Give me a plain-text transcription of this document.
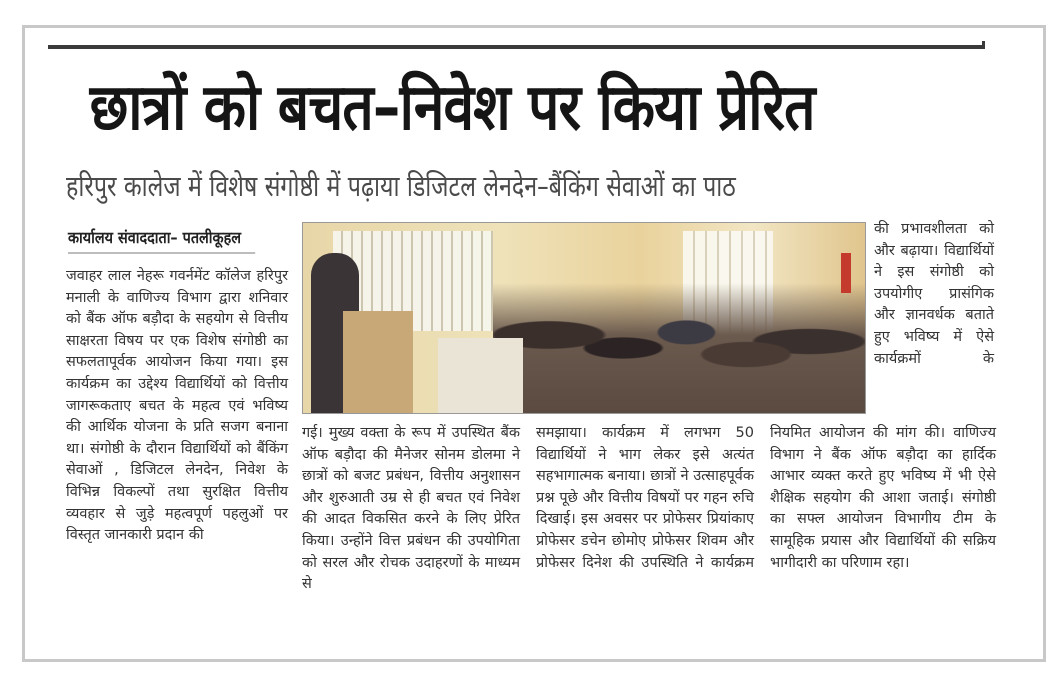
छात्रों को बचत–निवेश पर किया प्रेरित
हरिपुर कालेज में विशेष संगोष्ठी में पढ़ाया डिजिटल लेनदेन–बैंकिंग सेवाओं का पाठ
कार्यालय संवाददाता– पतलीकूहल

जवाहर लाल नेहरू गवर्नमेंट कॉलेज हरिपुर मनाली के वाणिज्य विभाग द्वारा शनिवार को बैंक ऑफ बड़ौदा के सहयोग से वित्तीय साक्षरता विषय पर एक विशेष संगोष्ठी का सफलतापूर्वक आयोजन किया गया। इस कार्यक्रम का उद्देश्य विद्यार्थियों को वित्तीय जागरूकताए बचत के महत्व एवं भविष्य की आर्थिक योजना के प्रति सजग बनाना था। संगोष्ठी के दौरान विद्यार्थियों को बैंकिंग सेवाओं , डिजिटल लेनदेन, निवेश के विभिन्न विकल्पों तथा सुरक्षित वित्तीय व्यवहार से जुड़े महत्वपूर्ण पहलुओं पर विस्तृत जानकारी प्रदान की

की प्रभावशीलता को और बढ़ाया। विद्यार्थियों ने इस संगोष्ठी को उपयोगीए प्रासंगिक और ज्ञानवर्धक बताते हुए भविष्य में ऐसे कार्यक्रमों के

गई। मुख्य वक्ता के रूप में उपस्थित बैंक ऑफ बड़ौदा की मैनेजर सोनम डोलमा ने छात्रों को बजट प्रबंधन, वित्तीय अनुशासन और शुरुआती उम्र से ही बचत एवं निवेश की आदत विकसित करने के लिए प्रेरित किया। उन्होंने वित्त प्रबंधन की उपयोगिता को सरल और रोचक उदाहरणों के माध्यम से

समझाया। कार्यक्रम में लगभग 50 विद्यार्थियों ने भाग लेकर इसे अत्यंत सहभागात्मक बनाया। छात्रों ने उत्साहपूर्वक प्रश्न पूछे और वित्तीय विषयों पर गहन रुचि दिखाई। इस अवसर पर प्रोफेसर प्रियांकाए प्रोफेसर डचेन छोमोए प्रोफेसर शिवम और प्रोफेसर दिनेश की उपस्थिति ने कार्यक्रम

नियमित आयोजन की मांग की। वाणिज्य विभाग ने बैंक ऑफ बड़ौदा का हार्दिक आभार व्यक्त करते हुए भविष्य में भी ऐसे शैक्षिक सहयोग की आशा जताई। संगोष्ठी का सफ्ल आयोजन विभागीय टीम के सामूहिक प्रयास और विद्यार्थियों की सक्रिय भागीदारी का परिणाम रहा।
